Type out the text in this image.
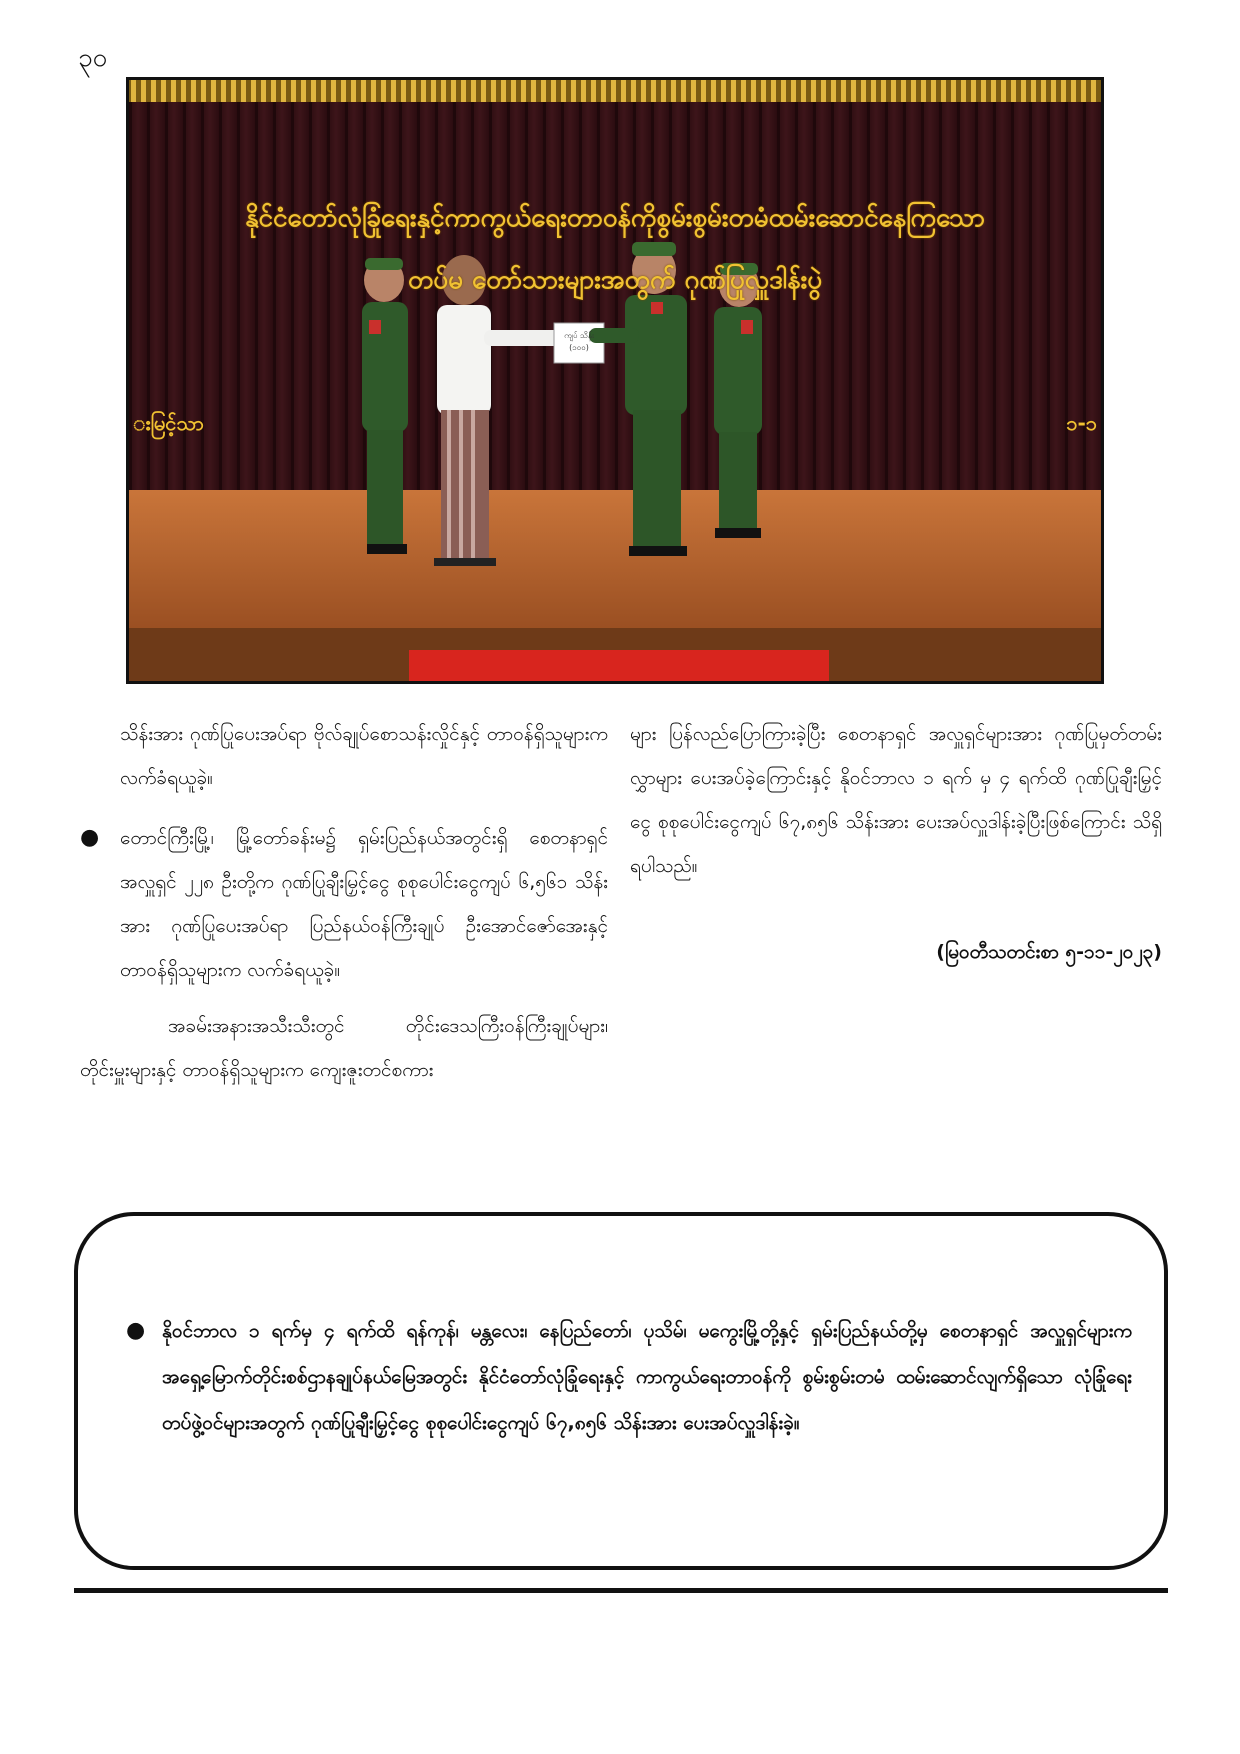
၃၀
နိုင်ငံတော်လုံခြုံရေးနှင့်ကာကွယ်ရေးတာဝန်ကိုစွမ်းစွမ်းတမံထမ်းဆောင်နေကြသော
တပ်မ တော်သားများအတွက် ဂုဏ်ပြုလှူဒါန်းပွဲ
းမြင့်သာ	၁-၁
ကျပ် သိန်း (၁၀၀)

သိန်းအား ဂုဏ်ပြုပေးအပ်ရာ ဗိုလ်ချုပ်စောသန်းလှိုင်နှင့် တာဝန်ရှိသူများက လက်ခံရယူခဲ့။

● တောင်ကြီးမြို့၊ မြို့တော်ခန်းမ၌ ရှမ်းပြည်နယ်အတွင်းရှိ စေတနာရှင် အလှူရှင် ၂၂၈ ဦးတို့က ဂုဏ်ပြုချီးမြှင့်ငွေ စုစုပေါင်းငွေကျပ် ၆,၅၆၁ သိန်းအား ဂုဏ်ပြုပေးအပ်ရာ ပြည်နယ်ဝန်ကြီးချုပ် ဦးအောင်ဇော်အေးနှင့် တာဝန်ရှိသူများက လက်ခံရယူခဲ့။

အခမ်းအနားအသီးသီးတွင် တိုင်းဒေသကြီးဝန်ကြီးချုပ်များ၊ တိုင်းမှူးများနှင့် တာဝန်ရှိသူများက ကျေးဇူးတင်စကား

များ ပြန်လည်ပြောကြားခဲ့ပြီး စေတနာရှင် အလှူရှင်များအား ဂုဏ်ပြုမှတ်တမ်းလွှာများ ပေးအပ်ခဲ့ကြောင်းနှင့် နိုဝင်ဘာလ ၁ ရက် မှ ၄ ရက်ထိ ဂုဏ်ပြုချီးမြှင့်ငွေ စုစုပေါင်းငွေကျပ် ၆၇,၈၅၆ သိန်းအား ပေးအပ်လှူဒါန်းခဲ့ပြီးဖြစ်ကြောင်း သိရှိရပါသည်။

(မြဝတီသတင်းစာ ၅-၁၁-၂၀၂၃)

● နိုဝင်ဘာလ ၁ ရက်မှ ၄ ရက်ထိ ရန်ကုန်၊ မန္တလေး၊ နေပြည်တော်၊ ပုသိမ်၊ မကွေးမြို့တို့နှင့် ရှမ်းပြည်နယ်တို့မှ စေတနာရှင် အလှူရှင်များက အရှေ့မြောက်တိုင်းစစ်ဌာနချုပ်နယ်မြေအတွင်း နိုင်ငံတော်လုံခြုံရေးနှင့် ကာကွယ်ရေးတာဝန်ကို စွမ်းစွမ်းတမံ ထမ်းဆောင်လျက်ရှိသော လုံခြုံရေးတပ်ဖွဲ့ဝင်များအတွက် ဂုဏ်ပြုချီးမြှင့်ငွေ စုစုပေါင်းငွေကျပ် ၆၇,၈၅၆ သိန်းအား ပေးအပ်လှူဒါန်းခဲ့။
